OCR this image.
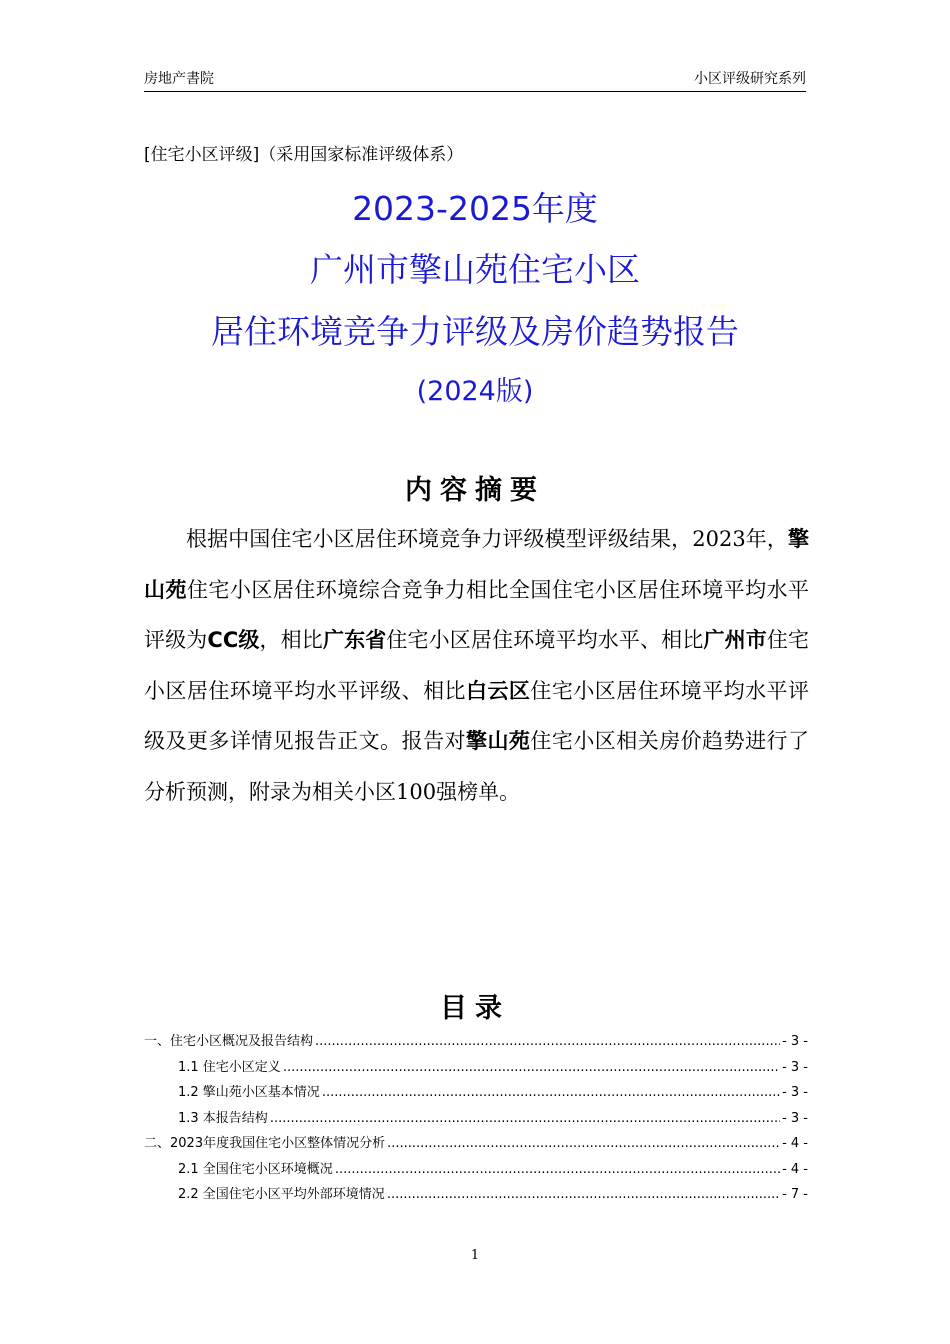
房地产書院	小区评级研究系列
[住宅小区评级]（采用国家标准评级体系）
2023-2025年度
广州市擎山苑住宅小区
居住环境竞争力评级及房价趋势报告
(2024版)
内容摘要

根据中国住宅小区居住环境竞争力评级模型评级结果，2023年，擎山苑住宅小区居住环境综合竞争力相比全国住宅小区居住环境平均水平评级为CC级，相比广东省住宅小区居住环境平均水平、相比广州市住宅小区居住环境平均水平评级、相比白云区住宅小区居住环境平均水平评级及更多详情见报告正文。报告对擎山苑住宅小区相关房价趋势进行了分析预测，附录为相关小区100强榜单。

目录
一、住宅小区概况及报告结构 .....	- 3 -
1.1 住宅小区定义 .....	- 3 -
1.2 擎山苑小区基本情况 .....	- 3 -
1.3 本报告结构 .....	- 3 -
二、2023年度我国住宅小区整体情况分析 .....	- 4 -
2.1 全国住宅小区环境概况 .....	- 4 -
2.2 全国住宅小区平均外部环境情况 .....	- 7 -
1
